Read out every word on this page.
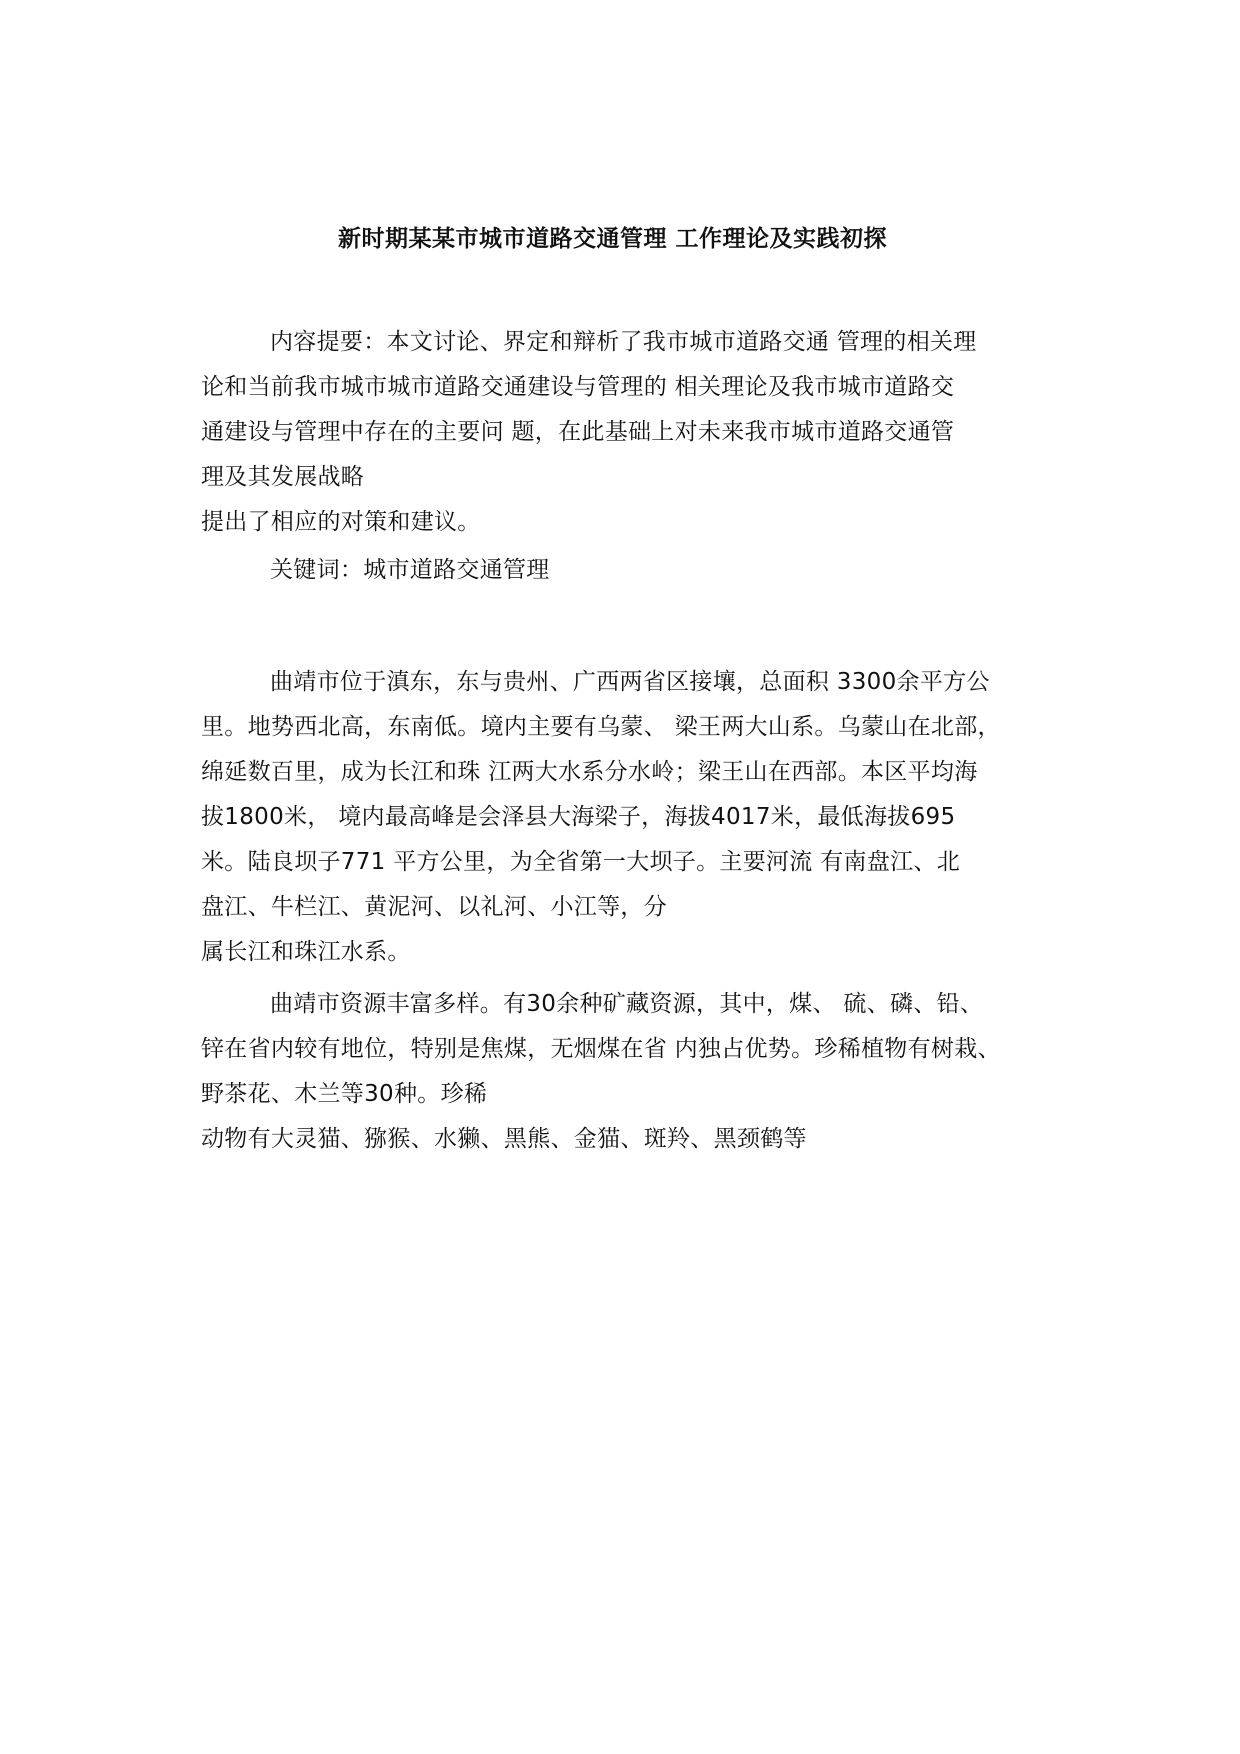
新时期某某市城市道路交通管理 工作理论及实践初探
内容提要：本文讨论、界定和辩析了我市城市道路交通 管理的相关理
论和当前我市城市城市道路交通建设与管理的 相关理论及我市城市道路交
通建设与管理中存在的主要问 题，在此基础上对未来我市城市道路交通管
理及其发展战略
提出了相应的对策和建议。
关键词：城市道路交通管理
曲靖市位于滇东，东与贵州、广西两省区接壤，总面积 3300余平方公
里。地势西北高，东南低。境内主要有乌蒙、 梁王两大山系。乌蒙山在北部，
绵延数百里，成为长江和珠 江两大水系分水岭；梁王山在西部。本区平均海
拔1800米， 境内最高峰是会泽县大海梁子，海拔4017米，最低海拔695
米。陆良坝子771 平方公里，为全省第一大坝子。主要河流 有南盘江、北
盘江、牛栏江、黄泥河、以礼河、小江等，分
属长江和珠江水系。
曲靖市资源丰富多样。有30余种矿藏资源，其中，煤、 硫、磷、铅、
锌在省内较有地位，特别是焦煤，无烟煤在省 内独占优势。珍稀植物有树栽、
野茶花、木兰等30种。珍稀
动物有大灵猫、猕猴、水獭、黑熊、金猫、斑羚、黑颈鹤等
